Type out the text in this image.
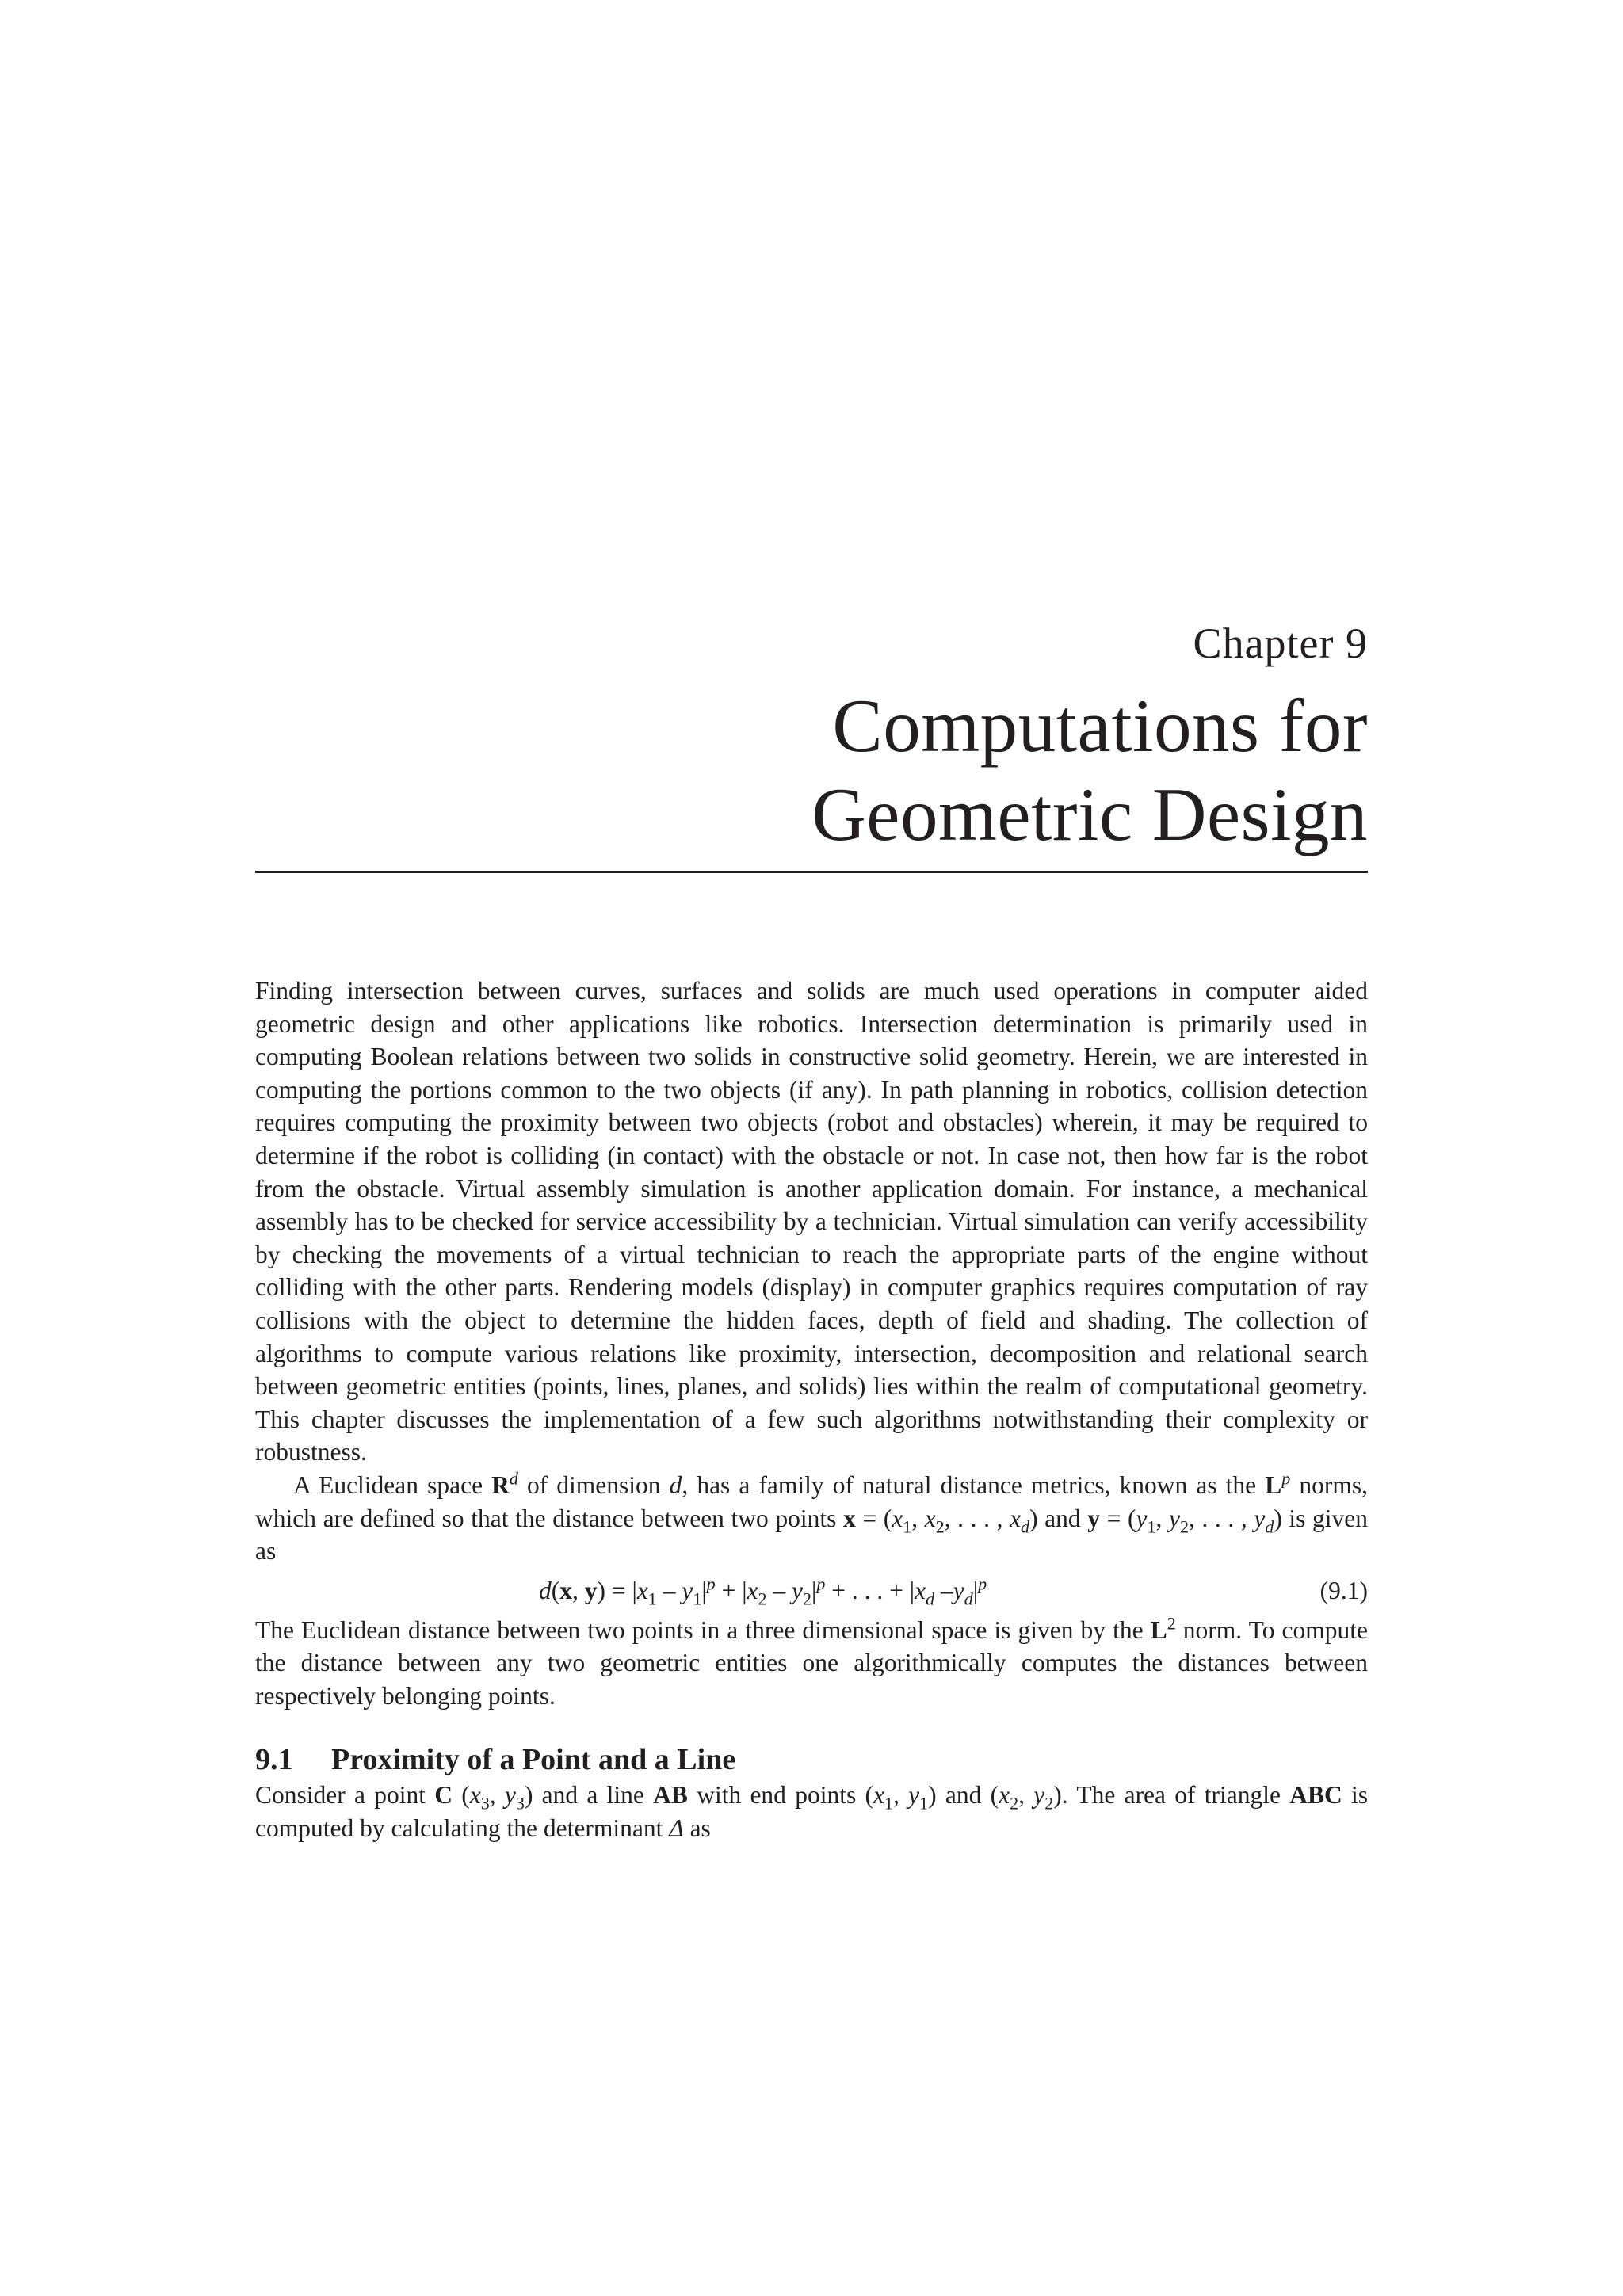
Chapter 9
Computations for
Geometric Design

Finding intersection between curves, surfaces and solids are much used operations in computer aided geometric design and other applications like robotics. Intersection determination is primarily used in computing Boolean relations between two solids in constructive solid geometry. Herein, we are interested in computing the portions common to the two objects (if any). In path planning in robotics, collision detection requires computing the proximity between two objects (robot and obstacles) wherein, it may be required to determine if the robot is colliding (in contact) with the obstacle or not. In case not, then how far is the robot from the obstacle. Virtual assembly simulation is another application domain. For instance, a mechanical assembly has to be checked for service accessibility by a technician. Virtual simulation can verify accessibility by checking the movements of a virtual technician to reach the appropriate parts of the engine without colliding with the other parts. Rendering models (display) in computer graphics requires computation of ray collisions with the object to determine the hidden faces, depth of field and shading. The collection of algorithms to compute various relations like proximity, intersection, decomposition and relational search between geometric entities (points, lines, planes, and solids) lies within the realm of computational geometry. This chapter discusses the implementation of a few such algorithms notwithstanding their complexity or robustness.

A Euclidean space $R^d$ of dimension d, has a family of natural distance metrics, known as the $L^p$ norms, which are defined so that the distance between two points $x = (x_1$, $x_2$, . . . , $x_d$) and $y = (y_1$, $y_2$, . . . , $y_d$) is given as

d(x, $y) = |x_1 - y_1|^p + |x_2 - y_2|^p$ + . . . + $|x_d$ $-y_d|^p$	(9.1)

The Euclidean distance between two points in a three dimensional space is given by the $L^2$ norm. To compute the distance between any two geometric entities one algorithmically computes the distances between respectively belonging points.

9.1 Proximity of a Point and a Line

Consider a point C ($x_3$, $y_3$) and a line AB with end points ($x_1$, $y_1$) and ($x_2$, $y_2$). The area of triangle ABC is computed by calculating the determinant Δ as
